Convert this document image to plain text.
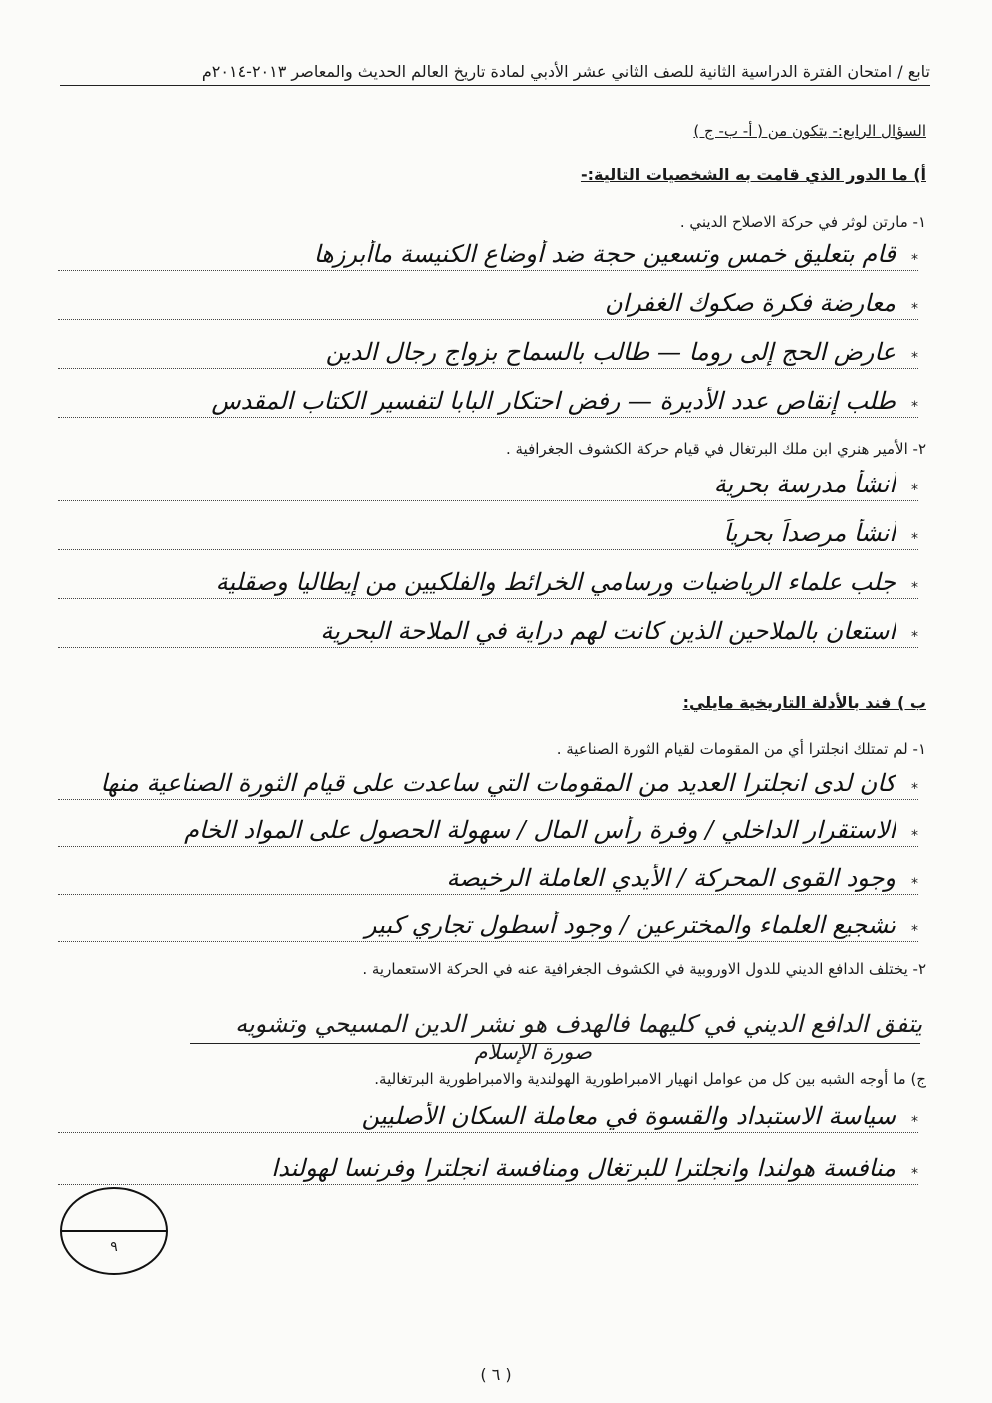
تابع / امتحان الفترة الدراسية الثانية للصف الثاني عشر الأدبي لمادة تاريخ العالم الحديث والمعاصر ٢٠١٣-٢٠١٤م
السؤال الرابع:- يتكون من ( أ- ب- ج )
أ) ما الدور الذي قامت به الشخصيات التالية:-
١- مارتن لوثر في حركة الاصلاح الديني .
*
قام بتعليق خمس وتسعين حجة ضد أوضاع الكنيسة ماأبرزها
*
معارضة فكرة صكوك الغفران
*
عارض الحج إلى روما — طالب بالسماح بزواج رجال الدين
*
طلب إنقاص عدد الأديرة — رفض احتكار البابا لتفسير الكتاب المقدس
٢- الأمير هنري ابن ملك البرتغال في قيام حركة الكشوف الجغرافية .
*
أنشأ مدرسة بحرية
*
أنشأ مرصداً بحرياً
*
جلب علماء الرياضيات ورسامي الخرائط والفلكيين من إيطاليا وصقلية
*
استعان بالملاحين الذين كانت لهم دراية في الملاحة البحرية
ب ) فند بالأدلة التاريخية مايلي:
١- لم تمتلك انجلترا أي من المقومات لقيام الثورة الصناعية .
*
كان لدى انجلترا العديد من المقومات التي ساعدت على قيام الثورة الصناعية منها
*
الاستقرار الداخلي / وفرة رأس المال / سهولة الحصول على المواد الخام
*
وجود القوى المحركة / الأيدي العاملة الرخيصة
*
تشجيع العلماء والمخترعين / وجود أسطول تجاري كبير
٢- يختلف الدافع الديني للدول الاوروبية في الكشوف الجغرافية عنه في الحركة الاستعمارية .
يتفق الدافع الديني في كليهما فالهدف هو نشر الدين المسيحي وتشويه
صورة الإسلام
ج) ما أوجه الشبه بين كل من عوامل انهيار الامبراطورية الهولندية والامبراطورية البرتغالية.
*
سياسة الاستبداد والقسوة في معاملة السكان الأصليين
*
منافسة هولندا وانجلترا للبرتغال ومنافسة انجلترا وفرنسا لهولندا
٩
( ٦ )
